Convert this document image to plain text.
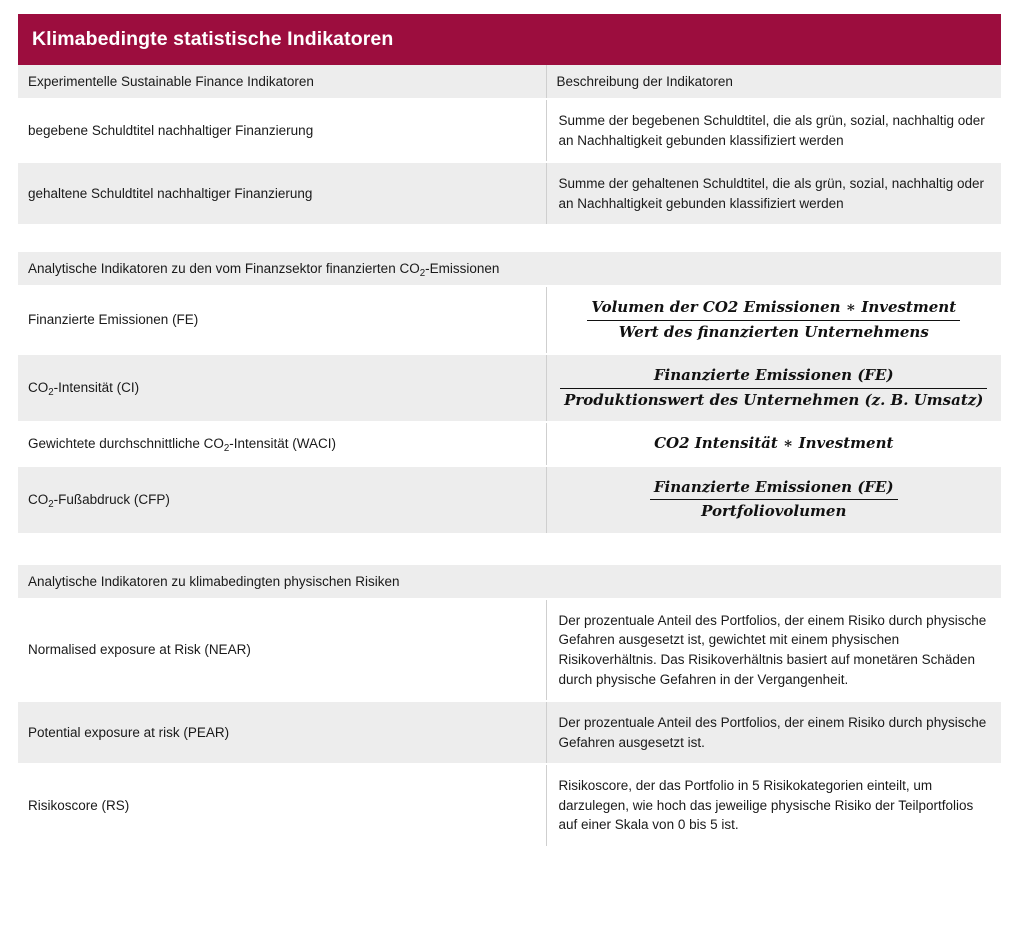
Klimabedingte statistische Indikatoren
Experimentelle Sustainable Finance Indikatoren	Beschreibung der Indikatoren
begebene Schuldtitel nachhaltiger Finanzierung	Summe der begebenen Schuldtitel, die als grün, sozial, nachhaltig oder an Nachhaltigkeit gebunden klassifiziert werden
gehaltene Schuldtitel nachhaltiger Finanzierung	Summe der gehaltenen Schuldtitel, die als grün, sozial, nachhaltig oder an Nachhaltigkeit gebunden klassifiziert werden
Analytische Indikatoren zu den vom Finanzsektor finanzierten $CO_2$-Emissionen	
Finanzierte Emissionen (FE)	$\frac{\text{Volumen der CO2 Emissionen ∗ Investment}}{\text{Wert des finanzierten Unternehmens}}$

$CO_2$-Intensität (CI)	$\frac{\text{Finanzierte Emissionen (FE)}}{\text{Produktionswert des Unternehmen (z. B. Umsatz)}}$

Gewichtete durchschnittliche $CO_2$-Intensität (WACI)	CO2 Intensität ∗ Investment

$CO_2$-Fußabdruck (CFP)	$\frac{\text{Finanzierte Emissionen (FE)}}{\text{Portfoliovolumen}}$
Analytische Indikatoren zu klimabedingten physischen Risiken	
Normalised exposure at Risk (NEAR)	Der prozentuale Anteil des Portfolios, der einem Risiko durch physische Gefahren ausgesetzt ist, gewichtet mit einem physischen Risikoverhältnis. Das Risikoverhältnis basiert auf monetären Schäden durch physische Gefahren in der Vergangenheit.
Potential exposure at risk (PEAR)	Der prozentuale Anteil des Portfolios, der einem Risiko durch physische Gefahren ausgesetzt ist.
Risikoscore (RS)	Risikoscore, der das Portfolio in 5 Risikokategorien einteilt, um darzulegen, wie hoch das jeweilige physische Risiko der Teilportfolios auf einer Skala von 0 bis 5 ist.
